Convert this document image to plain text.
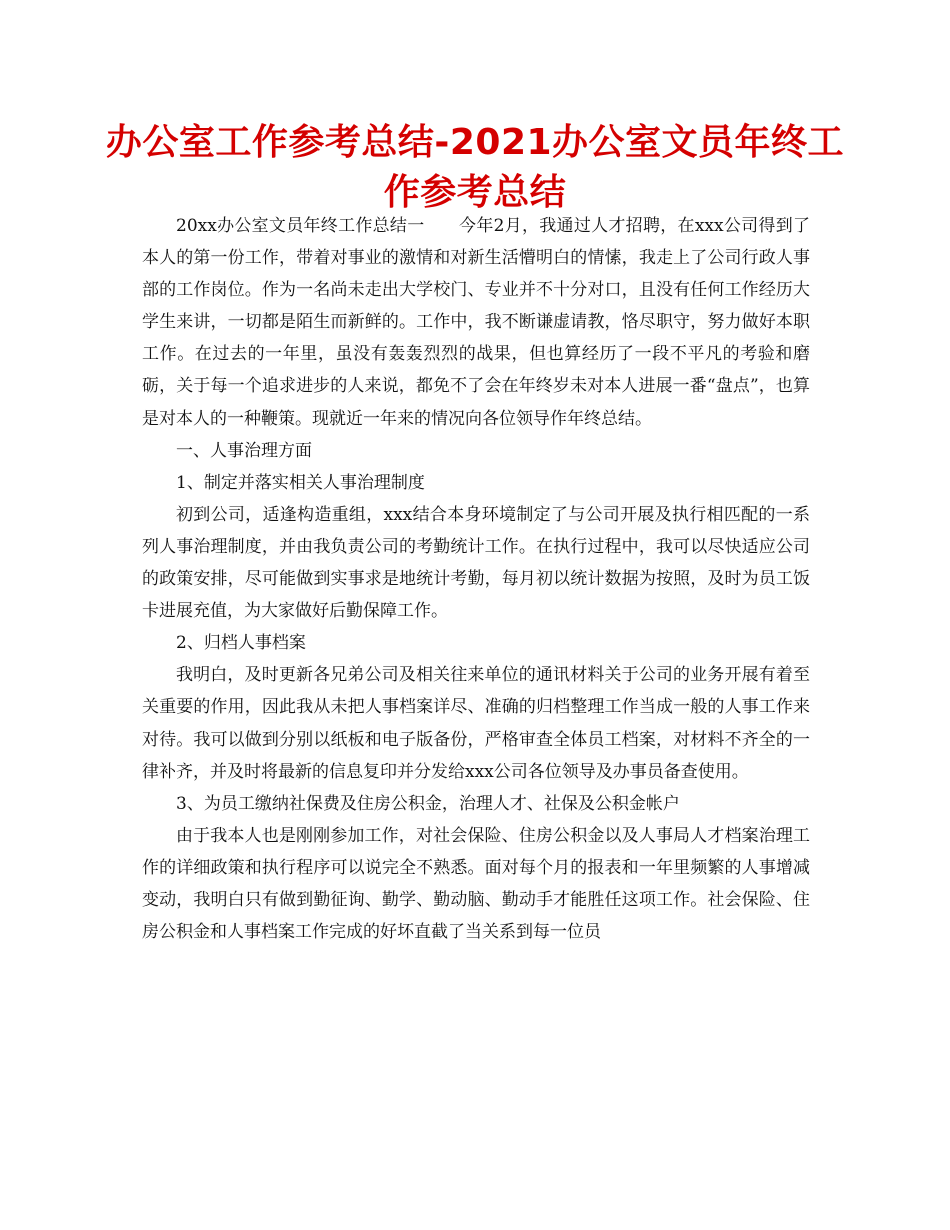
办公室工作参考总结-2021办公室文员年终工作参考总结

20xx办公室文员年终工作总结一　　今年2月，我通过人才招聘，在xxx公司得到了本人的第一份工作，带着对事业的激情和对新生活懵明白的情愫，我走上了公司行政人事部的工作岗位。作为一名尚未走出大学校门、专业并不十分对口，且没有任何工作经历大学生来讲，一切都是陌生而新鲜的。工作中，我不断谦虚请教，恪尽职守，努力做好本职工作。在过去的一年里，虽没有轰轰烈烈的战果，但也算经历了一段不平凡的考验和磨砺，关于每一个追求进步的人来说，都免不了会在年终岁未对本人进展一番“盘点”，也算是对本人的一种鞭策。现就近一年来的情况向各位领导作年终总结。

一、人事治理方面

1、制定并落实相关人事治理制度

初到公司，适逢构造重组，xxx结合本身环境制定了与公司开展及执行相匹配的一系列人事治理制度，并由我负责公司的考勤统计工作。在执行过程中，我可以尽快适应公司的政策安排，尽可能做到实事求是地统计考勤，每月初以统计数据为按照，及时为员工饭卡进展充值，为大家做好后勤保障工作。

2、归档人事档案

我明白，及时更新各兄弟公司及相关往来单位的通讯材料关于公司的业务开展有着至关重要的作用，因此我从未把人事档案详尽、准确的归档整理工作当成一般的人事工作来对待。我可以做到分别以纸板和电子版备份，严格审查全体员工档案，对材料不齐全的一律补齐，并及时将最新的信息复印并分发给xxx公司各位领导及办事员备查使用。

3、为员工缴纳社保费及住房公积金，治理人才、社保及公积金帐户

由于我本人也是刚刚参加工作，对社会保险、住房公积金以及人事局人才档案治理工作的详细政策和执行程序可以说完全不熟悉。面对每个月的报表和一年里频繁的人事增减变动，我明白只有做到勤征询、勤学、勤动脑、勤动手才能胜任这项工作。社会保险、住房公积金和人事档案工作完成的好坏直截了当关系到每一位员
